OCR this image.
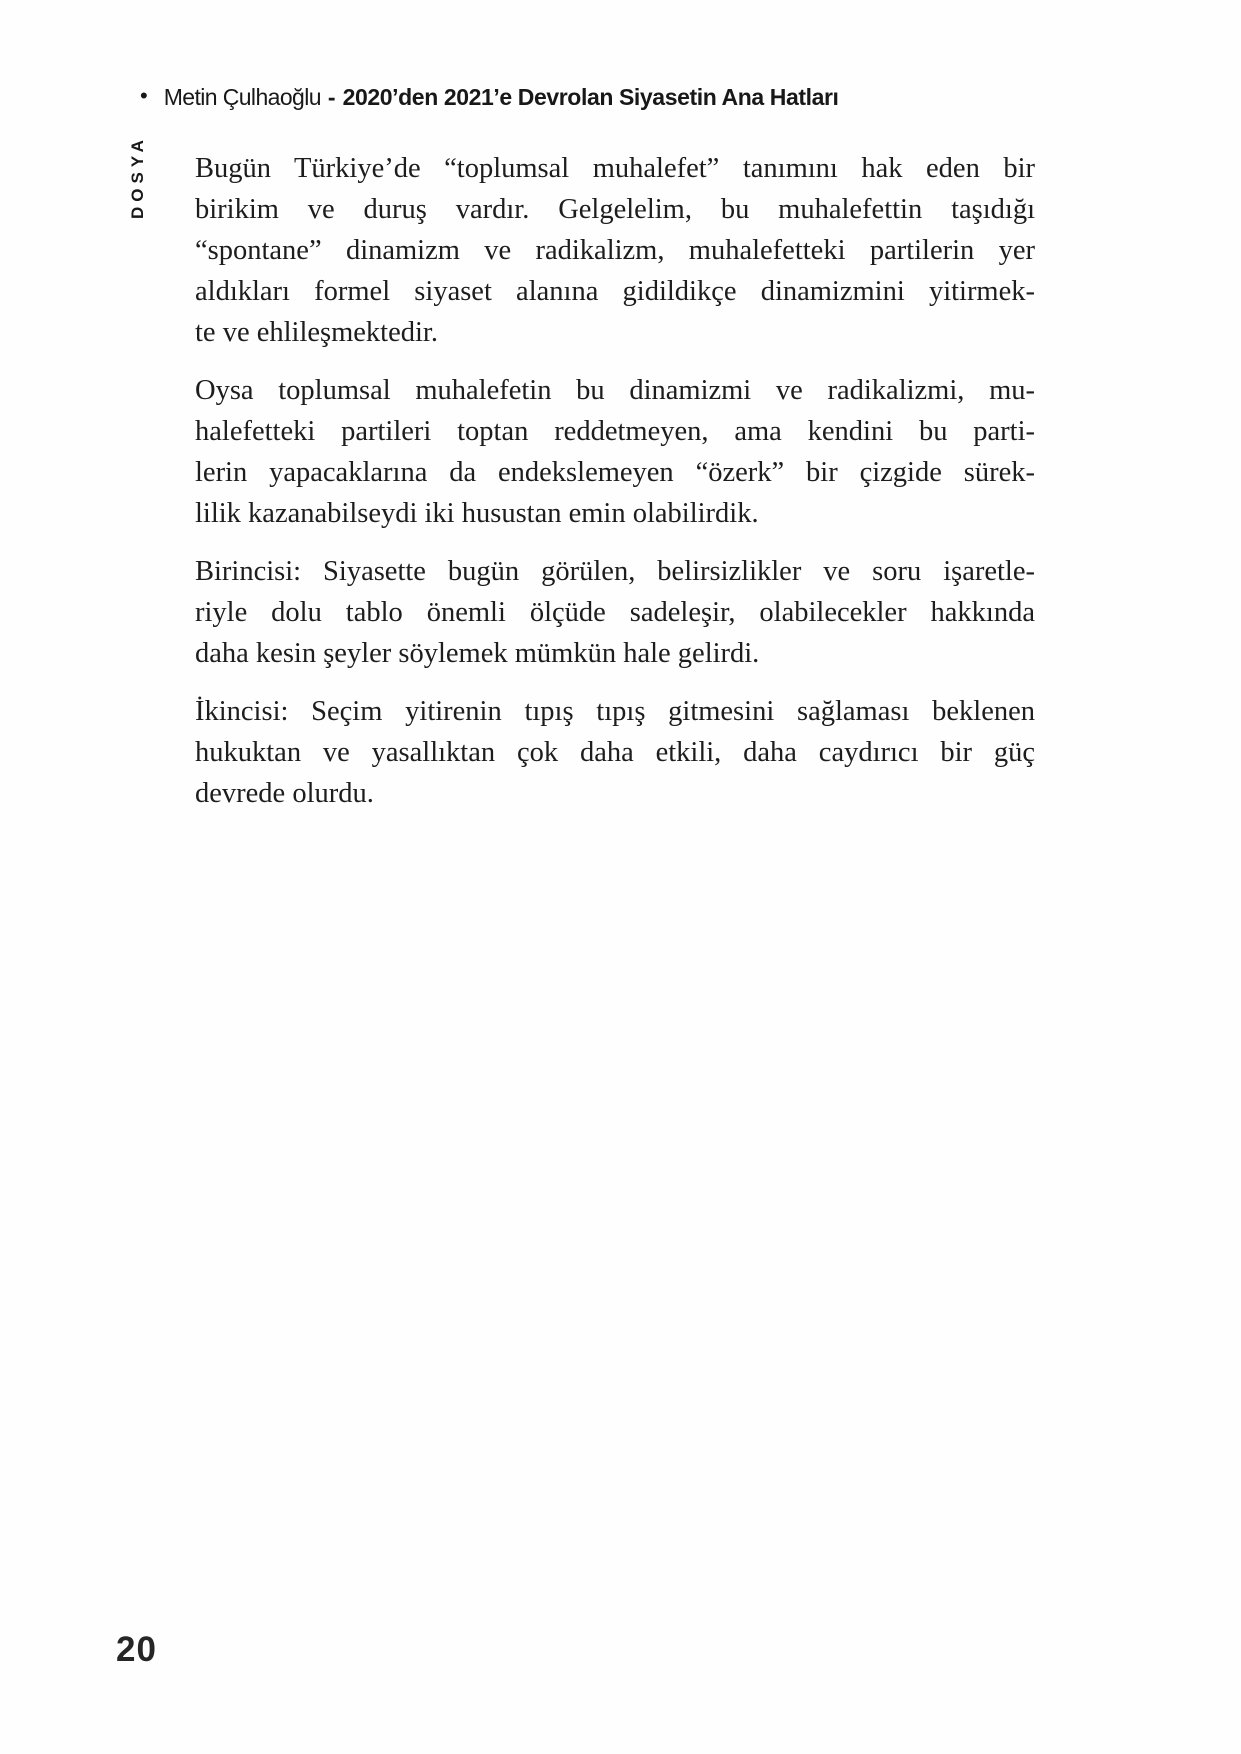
• Metin Çulhaoğlu - 2020’den 2021’e Devrolan Siyasetin Ana Hatları
DOSYA Bugün Türkiye’de “toplumsal muhalefet” tanımını hak eden bir
birikim ve duruş vardır. Gelgelelim, bu muhalefettin taşıdığı
“spontane” dinamizm ve radikalizm, muhalefetteki partilerin yer
aldıkları formel siyaset alanına gidildikçe dinamizmini yitirmek-
te ve ehlileşmektedir.

Oysa toplumsal muhalefetin bu dinamizmi ve radikalizmi, mu-
halefetteki partileri toptan reddetmeyen, ama kendini bu parti-
lerin yapacaklarına da endekslemeyen “özerk” bir çizgide sürek-
lilik kazanabilseydi iki husustan emin olabilirdik.

Birincisi: Siyasette bugün görülen, belirsizlikler ve soru işaretle-
riyle dolu tablo önemli ölçüde sadeleşir, olabilecekler hakkında
daha kesin şeyler söylemek mümkün hale gelirdi.

İkincisi: Seçim yitirenin tıpış tıpış gitmesini sağlaması beklenen
hukuktan ve yasallıktan çok daha etkili, daha caydırıcı bir güç
devrede olurdu.

20
